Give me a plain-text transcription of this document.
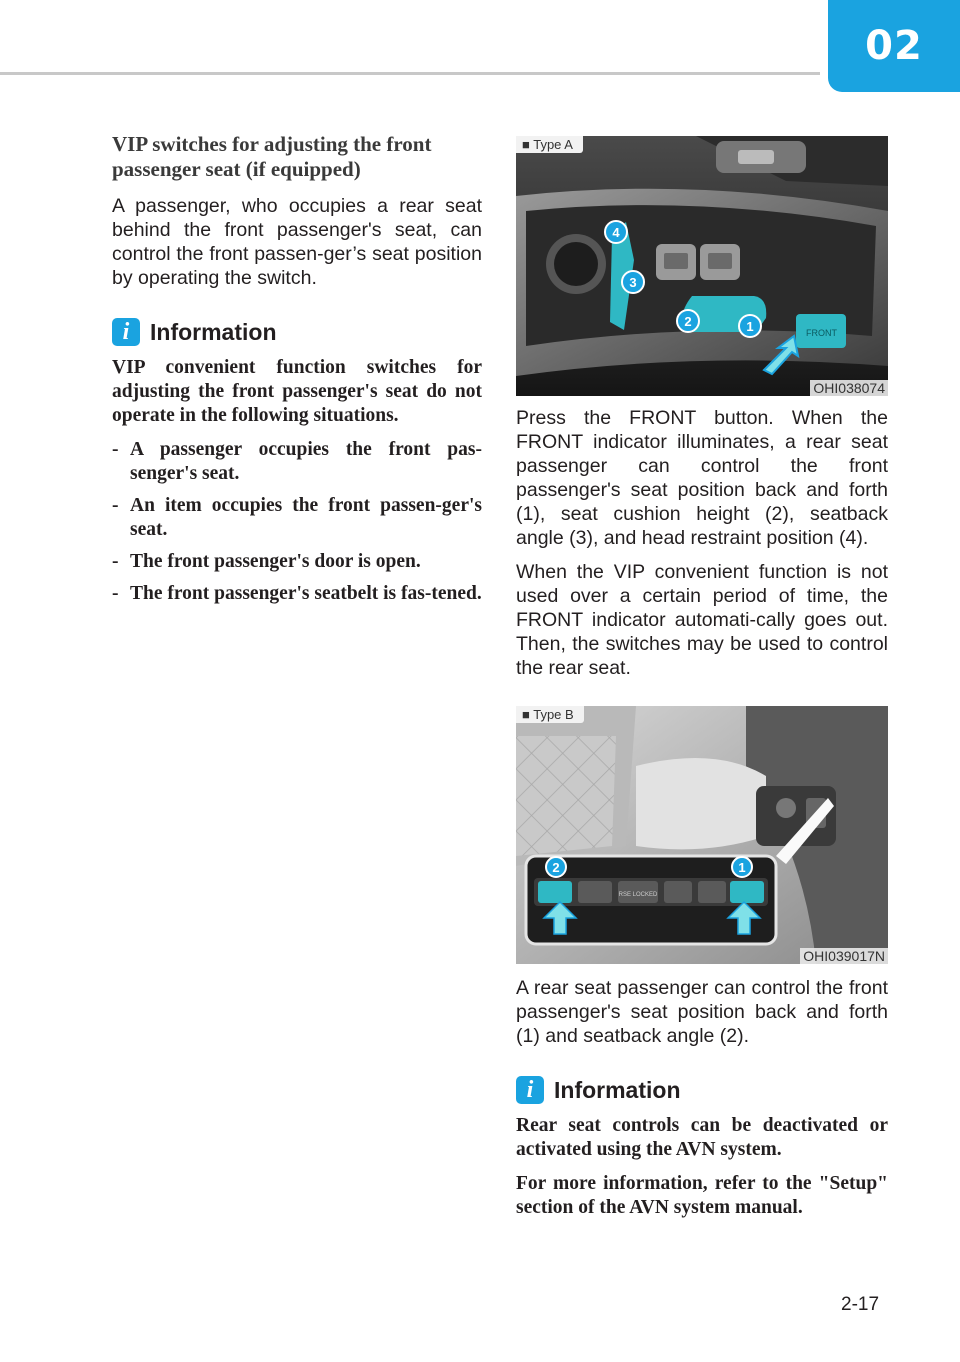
02
VIP switches for adjusting the front passenger seat (if equipped)

A passenger, who occupies a rear seat behind the front passenger's seat, can control the front passen-ger’s seat position by operating the switch.

i Information

VIP convenient function switches for adjusting the front passenger's seat do not operate in the following situations.

- A passenger occupies the front pas-senger's seat.
- An item occupies the front passen-ger's seat.
- The front passenger's door is open.
- The front passenger's seatbelt is fas-tened.
■ Type A
OHI038074
FRONT
4
3
2	1

Press the FRONT button. When the FRONT indicator illuminates, a rear seat passenger can control the front passenger's seat position back and forth (1), seat cushion height (2), seatback angle (3), and head restraint position (4).

When the VIP convenient function is not used over a certain period of time, the FRONT indicator automati-cally goes out. Then, the switches may be used to control the rear seat.

■ Type B
OHI039017N
RSE LOCKED
2	1

A rear seat passenger can control the front passenger's seat position back and forth (1) and seatback angle (2).

i Information

Rear seat controls can be deactivated or activated using the AVN system.

For more information, refer to the "Setup" section of the AVN system manual.

2-17
